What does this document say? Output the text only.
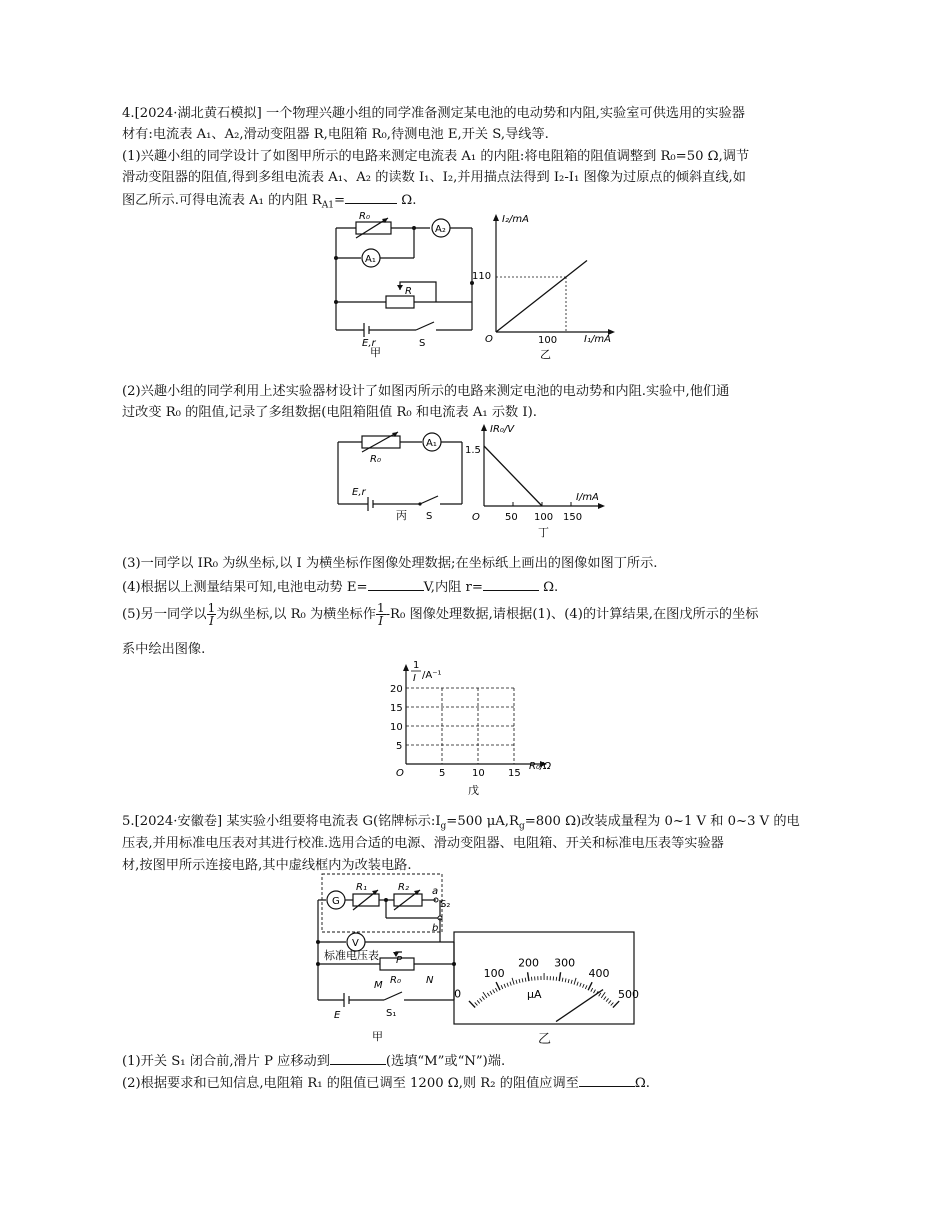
4.[2024·湖北黄石模拟] 一个物理兴趣小组的同学准备测定某电池的电动势和内阻,实验室可供选用的实验器
材有:电流表 A₁、A₂,滑动变阻器 R,电阻箱 R₀,待测电池 E,开关 S,导线等.
(1)兴趣小组的同学设计了如图甲所示的电路来测定电流表 A₁ 的内阻:将电阻箱的阻值调整到 R₀=50 Ω,调节
滑动变阻器的阻值,得到多组电流表 A₁、A₂ 的读数 I₁、I₂,并用描点法得到 I₂-I₁ 图像为过原点的倾斜直线,如
图乙所示.可得电流表 A₁ 的内阻 $R_{A1}=$	Ω.
R₀
A₂
A₁
R
E,r	S
甲
I₂/mA
I₁/mA
O
110
100
乙
(2)兴趣小组的同学利用上述实验器材设计了如图丙所示的电路来测定电池的电动势和内阻.实验中,他们通
过改变 R₀ 的阻值,记录了多组数据(电阻箱阻值 R₀ 和电流表 A₁ 示数 I).
R₀
A₁
E,r
S
丙
IR₀/V
I/mA
O
1.5
50 100 150
丁
(3)一同学以 IR₀ 为纵坐标,以 I 为横坐标作图像处理数据;在坐标纸上画出的图像如图丁所示.
(4)根据以上测量结果可知,电池电动势 E=	V,内阻 r=	Ω.
(5)另一同学以 $\frac{1}{I}$ 为纵坐标,以 R₀ 为横坐标作 $\frac{1}{I} -R_0$ 图像处理数据,请根据(1)、(4)的计算结果,在图戊所示的坐标
系中绘出图像.
1
I /A⁻¹
20
15
10
5
O	5	10 15
R₀/Ω
戊
5.[2024·安徽卷] 某实验小组要将电流表 G(铭牌标示$:I_g=500$ $\mu A,R_g=800$ Ω)改装成量程为 0~1 V 和 0~3 V 的电
压表,并用标准电压表对其进行校准.选用合适的电源、滑动变阻器、电阻箱、开关和标准电压表等实验器
材,按图甲所示连接电路,其中虚线框内为改装电路.
G
R₁	R₂ a
b
S₂
V
标准电压表 P
R₀
M	N
E	S₁
甲
0
100
200 300
400
500
μA
乙
(1)开关 S₁ 闭合前,滑片 P 应移动到	(选填“M”或“N”)端.
(2)根据要求和已知信息,电阻箱 R₁ 的阻值已调至 1200 Ω,则 R₂ 的阻值应调至	Ω.
